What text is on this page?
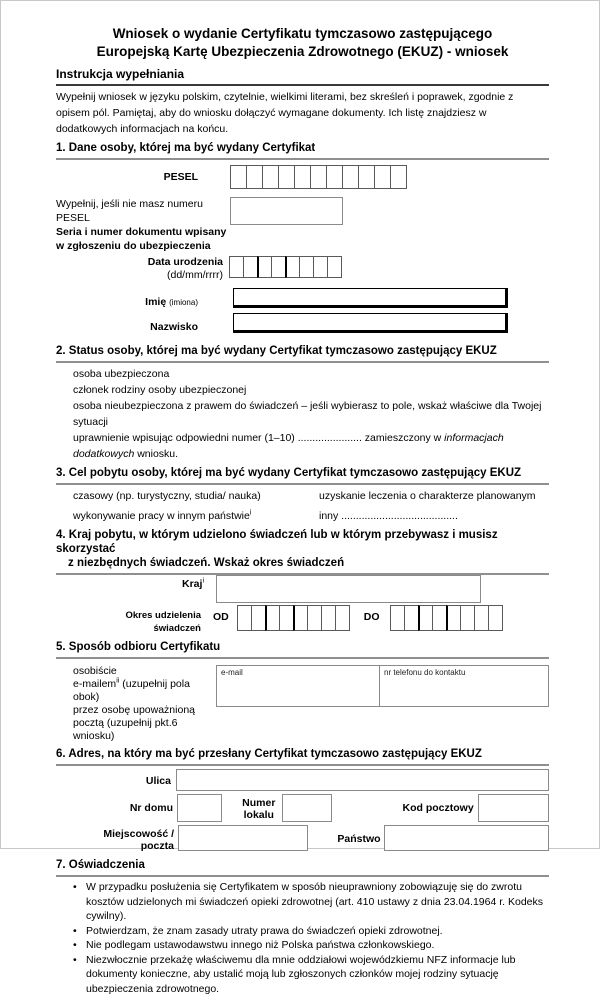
Wniosek o wydanie Certyfikatu tymczasowo zastępującego
Europejską Kartę Ubezpieczenia Zdrowotnego (EKUZ) - wniosek
Instrukcja wypełniania
Wypełnij wniosek w języku polskim, czytelnie, wielkimi literami, bez skreśleń i poprawek, zgodnie z opisem pól. Pamiętaj, aby do wniosku dołączyć wymagane dokumenty. Ich listę znajdziesz w dodatkowych informacjach na końcu.
1. Dane osoby, której ma być wydany Certyfikat
PESEL
Wypełnij, jeśli nie masz numeru PESEL
Seria i numer dokumentu wpisany
w zgłoszeniu do ubezpieczenia
Data urodzenia
(dd/mm/rrrr)
Imię (imiona)
Nazwisko
2. Status osoby, której ma być wydany Certyfikat tymczasowo zastępujący EKUZ
osoba ubezpieczona
członek rodziny osoby ubezpieczonej
osoba nieubezpieczona z prawem do świadczeń – jeśli wybierasz to pole, wskaż właściwe dla Twojej sytuacji
uprawnienie wpisując odpowiedni numer (1–10) ...................... zamieszczony w informacjach dodatkowych wniosku.
3. Cel pobytu osoby, której ma być wydany Certyfikat tymczasowo zastępujący EKUZ
czasowy (np. turystyczny, studia/ nauka)	uzyskanie leczenia o charakterze planowanym
wykonywanie pracy w innym państwie$^i$	inny ........................................
4. Kraj pobytu, w którym udzielono świadczeń lub w którym przebywasz i musisz skorzystać
z niezbędnych świadczeń. Wskaż okres świadczeń
Kraj$^i$
Okres udzielenia
świadczeń
OD	DO
5. Sposób odbioru Certyfikatu
osobiście
e-mailem$^{ii}$ (uzupełnij pola obok)
przez osobę upoważnioną
pocztą (uzupełnij pkt.6 wniosku)
e-mail	nr telefonu do kontaktu
6. Adres, na który ma być przesłany Certyfikat tymczasowo zastępujący EKUZ
Ulica
Nr domu	Numer
lokalu
Kod pocztowy
Miejscowość /
poczta
Państwo
7. Oświadczenia
• W przypadku posłużenia się Certyfikatem w sposób nieuprawniony zobowiązuję się do zwrotu kosztów udzielonych mi świadczeń opieki zdrowotnej (art. 410 ustawy z dnia 23.04.1964 r. Kodeks cywilny).
• Potwierdzam, że znam zasady utraty prawa do świadczeń opieki zdrowotnej.
• Nie podlegam ustawodawstwu innego niż Polska państwa członkowskiego.
• Niezwłocznie przekażę właściwemu dla mnie oddziałowi wojewódzkiemu NFZ informacje lub dokumenty konieczne, aby ustalić moją lub zgłoszonych członków mojej rodziny sytuację ubezpieczenia zdrowotnego.
